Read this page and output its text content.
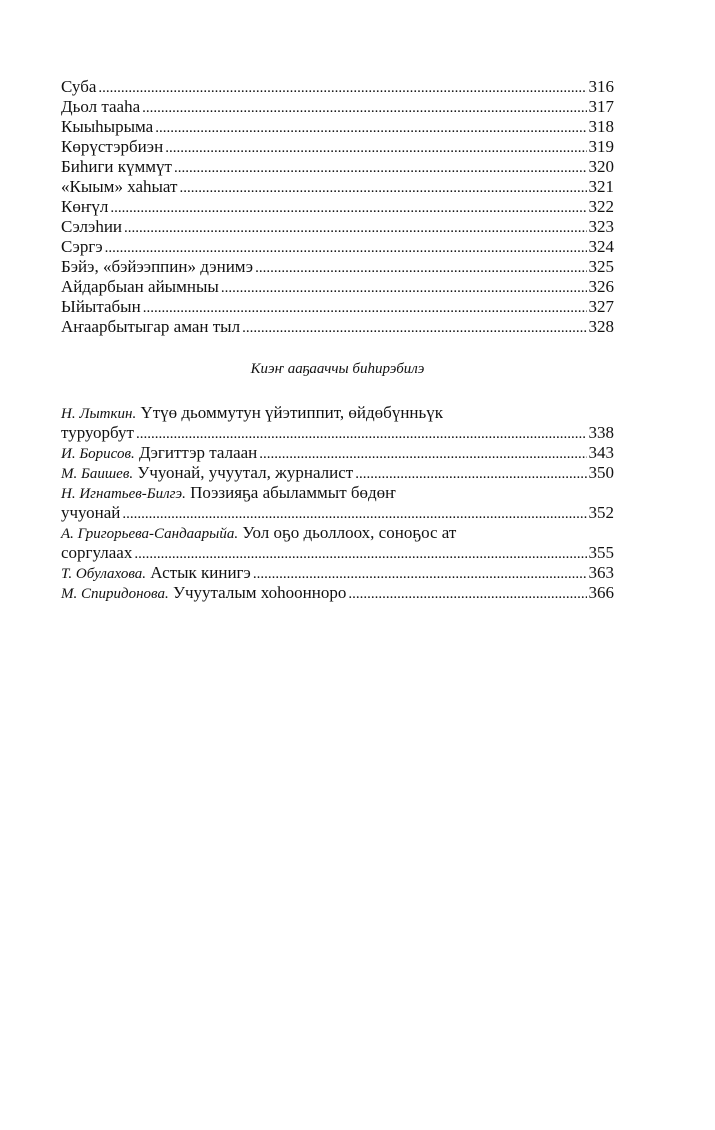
Суба .....	316
Дьол тааһа .....	317
Кыыһырыма .....	318
Көрүстэрбиэн .....	319
Биһиги күммүт .....	320
«Кыым» хаһыат .....	321
Көҥүл .....	322
Сэлэһии .....	323
Сэргэ .....	324
Бэйэ, «бэйээппин» дэнимэ .....	325
Айдарбыан айымныы .....	326
Ыйытабын .....	327
Аҥаарбытыгар аман тыл .....	328
Киэҥ ааҕааччы биһирэбилэ
Н. Лыткин. Үтүө дьоммутун үйэтиппит, өйдөбүнньүк
туруорбут .....	338
И. Борисов. Дэгиттэр талаан .....	343
М. Баишев. Учуонай, учуутал, журналист .....	350
Н. Игнатьев-Билгэ. Поэзияҕа абыламмыт бөдөҥ
учуонай .....	352
А. Григорьева-Сандаарыйа. Уол оҕо дьоллоох, соноҕос ат
соргулаах .....	355
Т. Обулахова. Астык кинигэ .....	363
М. Спиридонова. Учууталым хоһоонноро .....	366
